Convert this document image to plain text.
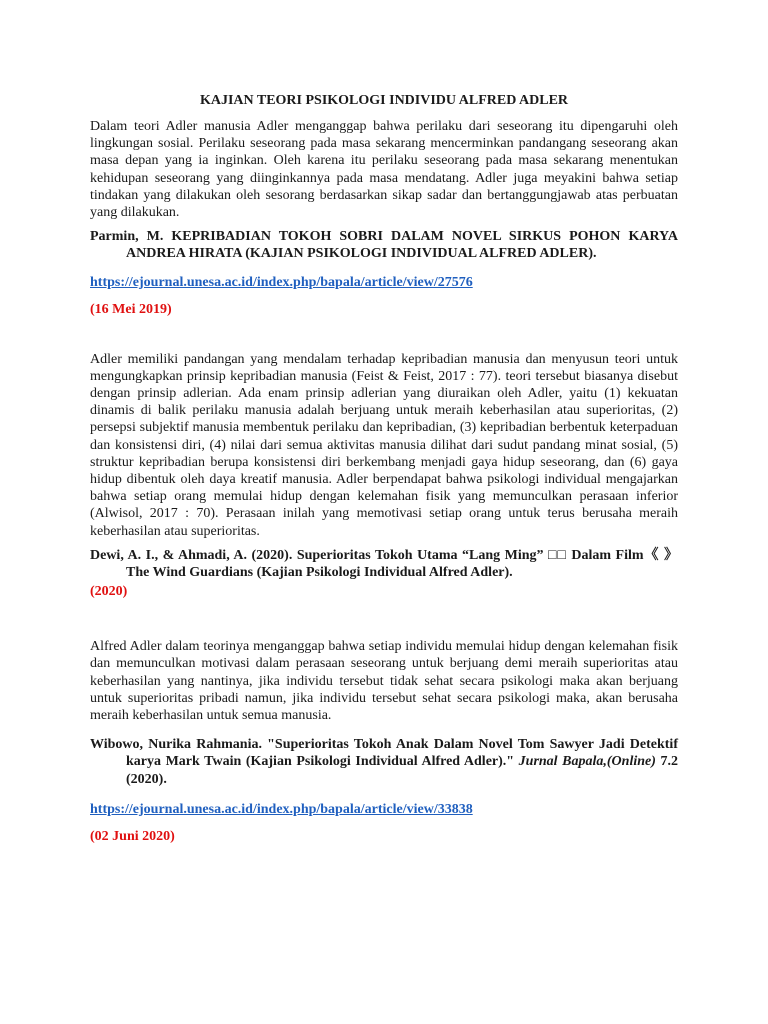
KAJIAN TEORI PSIKOLOGI INDIVIDU ALFRED ADLER

Dalam teori Adler manusia Adler menganggap bahwa perilaku dari seseorang itu dipengaruhi oleh lingkungan sosial. Perilaku seseorang pada masa sekarang mencerminkan pandangang seseorang akan masa depan yang ia inginkan. Oleh karena itu perilaku seseorang pada masa sekarang menentukan kehidupan seseorang yang diinginkannya pada masa mendatang. Adler juga meyakini bahwa setiap tindakan yang dilakukan oleh sesorang berdasarkan sikap sadar dan bertanggungjawab atas perbuatan yang dilakukan.

Parmin, M. KEPRIBADIAN TOKOH SOBRI DALAM NOVEL SIRKUS POHON KARYA ANDREA HIRATA (KAJIAN PSIKOLOGI INDIVIDUAL ALFRED ADLER).

https://ejournal.unesa.ac.id/index.php/bapala/article/view/27576

(16 Mei 2019)

Adler memiliki pandangan yang mendalam terhadap kepribadian manusia dan menyusun teori untuk mengungkapkan prinsip kepribadian manusia (Feist & Feist, 2017 : 77). teori tersebut biasanya disebut dengan prinsip adlerian. Ada enam prinsip adlerian yang diuraikan oleh Adler, yaitu (1) kekuatan dinamis di balik perilaku manusia adalah berjuang untuk meraih keberhasilan atau superioritas, (2) persepsi subjektif manusia membentuk perilaku dan kepribadian, (3) kepribadian berbentuk keterpaduan dan konsistensi diri, (4) nilai dari semua aktivitas manusia dilihat dari sudut pandang minat sosial, (5) struktur kepribadian berupa konsistensi diri berkembang menjadi gaya hidup seseorang, dan (6) gaya hidup dibentuk oleh daya kreatif manusia. Adler berpendapat bahwa psikologi individual mengajarkan bahwa setiap orang memulai hidup dengan kelemahan fisik yang memunculkan perasaan inferior (Alwisol, 2017 : 70). Perasaan inilah yang memotivasi setiap orang untuk terus berusaha meraih keberhasilan atau superioritas.

Dewi, A. I., & Ahmadi, A. (2020). Superioritas Tokoh Utama “Lang Ming” □□ Dalam Film《 》The Wind Guardians (Kajian Psikologi Individual Alfred Adler).

(2020)

Alfred Adler dalam teorinya menganggap bahwa setiap individu memulai hidup dengan kelemahan fisik dan memunculkan motivasi dalam perasaan seseorang untuk berjuang demi meraih superioritas atau keberhasilan yang nantinya, jika individu tersebut tidak sehat secara psikologi maka akan berjuang untuk superioritas pribadi namun, jika individu tersebut sehat secara psikologi maka, akan berusaha meraih keberhasilan untuk semua manusia.

Wibowo, Nurika Rahmania. "Superioritas Tokoh Anak Dalam Novel Tom Sawyer Jadi Detektif karya Mark Twain (Kajian Psikologi Individual Alfred Adler)." Jurnal Bapala,(Online) 7.2 (2020).

https://ejournal.unesa.ac.id/index.php/bapala/article/view/33838

(02 Juni 2020)
